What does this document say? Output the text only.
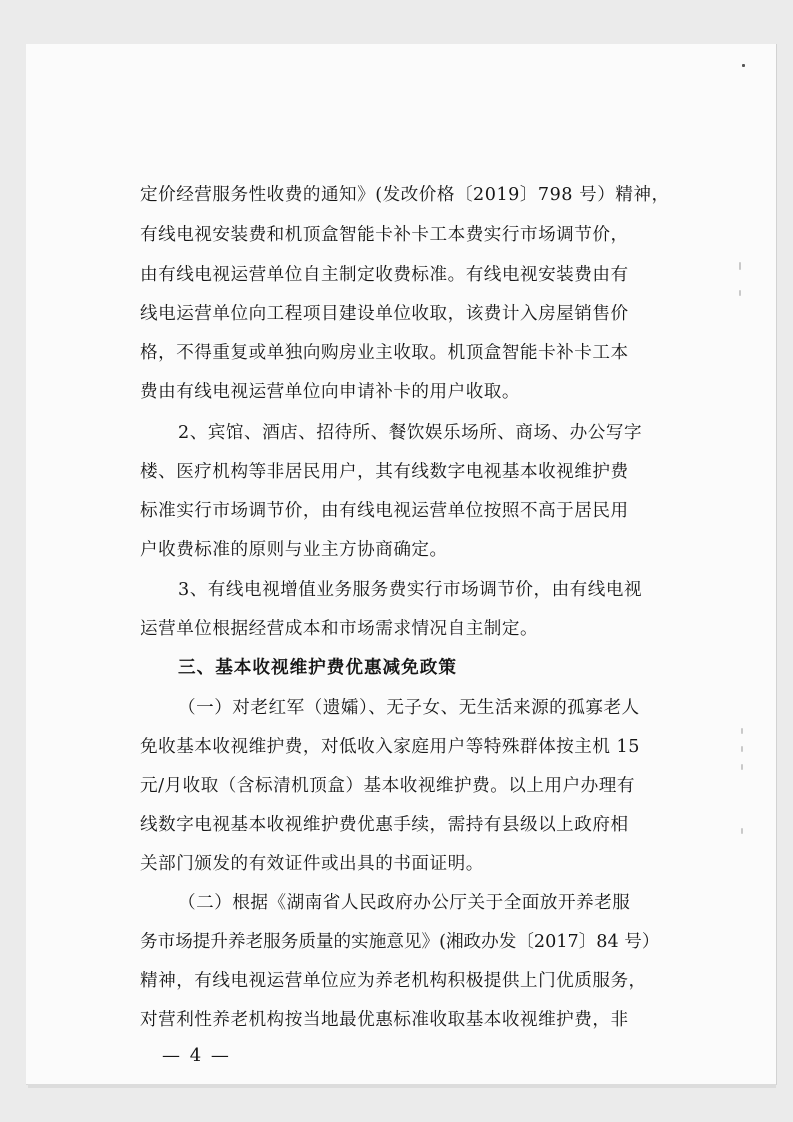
定价经营服务性收费的通知》(发改价格〔2019〕798 号）精神，
有线电视安装费和机顶盒智能卡补卡工本费实行市场调节价，
由有线电视运营单位自主制定收费标准。有线电视安装费由有
线电运营单位向工程项目建设单位收取，该费计入房屋销售价
格，不得重复或单独向购房业主收取。机顶盒智能卡补卡工本
费由有线电视运营单位向申请补卡的用户收取。
2、宾馆、酒店、招待所、餐饮娱乐场所、商场、办公写字
楼、医疗机构等非居民用户，其有线数字电视基本收视维护费
标准实行市场调节价，由有线电视运营单位按照不高于居民用
户收费标准的原则与业主方协商确定。
3、有线电视增值业务服务费实行市场调节价，由有线电视
运营单位根据经营成本和市场需求情况自主制定。
三、基本收视维护费优惠减免政策
（一）对老红军（遗孀）、无子女、无生活来源的孤寡老人
免收基本收视维护费，对低收入家庭用户等特殊群体按主机 15
元/月收取（含标清机顶盒）基本收视维护费。以上用户办理有
线数字电视基本收视维护费优惠手续，需持有县级以上政府相
关部门颁发的有效证件或出具的书面证明。
（二）根据《湖南省人民政府办公厅关于全面放开养老服
务市场提升养老服务质量的实施意见》(湘政办发〔2017〕84 号）
精神，有线电视运营单位应为养老机构积极提供上门优质服务，
对营利性养老机构按当地最优惠标准收取基本收视维护费，非
— 4 —
